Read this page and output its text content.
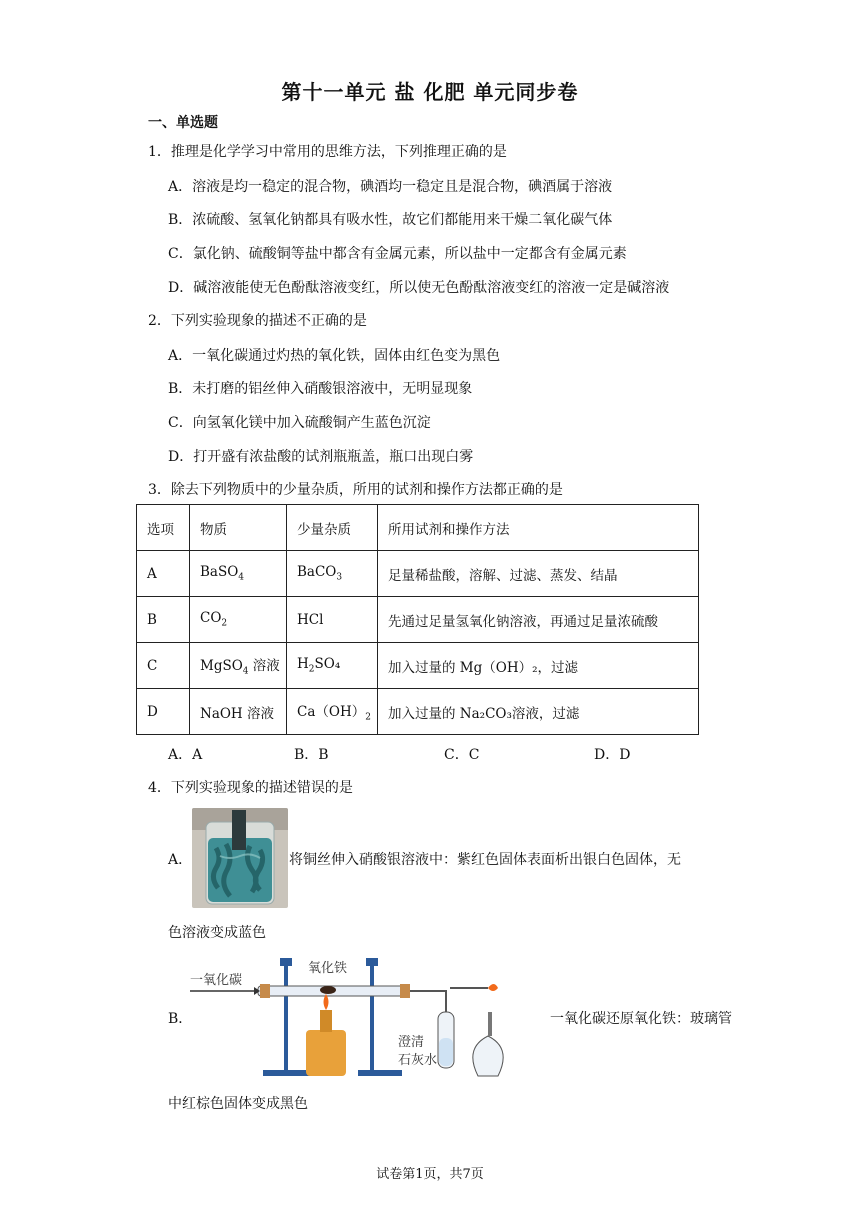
第十一单元 盐 化肥 单元同步卷
一、单选题
1．推理是化学学习中常用的思维方法，下列推理正确的是
A．溶液是均一稳定的混合物，碘酒均一稳定且是混合物，碘酒属于溶液
B．浓硫酸、氢氧化钠都具有吸水性，故它们都能用来干燥二氧化碳气体
C．氯化钠、硫酸铜等盐中都含有金属元素，所以盐中一定都含有金属元素
D．碱溶液能使无色酚酞溶液变红，所以使无色酚酞溶液变红的溶液一定是碱溶液
2．下列实验现象的描述不正确的是
A．一氧化碳通过灼热的氧化铁，固体由红色变为黑色
B．未打磨的铝丝伸入硝酸银溶液中，无明显现象
C．向氢氧化镁中加入硫酸铜产生蓝色沉淀
D．打开盛有浓盐酸的试剂瓶瓶盖，瓶口出现白雾
3．除去下列物质中的少量杂质，所用的试剂和操作方法都正确的是
选项	物质	少量杂质	所用试剂和操作方法
A	BaSO$_4$	BaCO$_3$	足量稀盐酸，溶解、过滤、蒸发、结晶
B	$CO_2$	HCl	先通过足量氢氧化钠溶液，再通过足量浓硫酸
C	MgSO$_4$ 溶液	$H_2SO_4$	加入过量的 Mg（OH）₂，过滤
D	NaOH 溶液	$Ca(OH)_2$	加入过量的 Na₂CO₃溶液，过滤
A．A	B．B	C．C	D．D
4．下列实验现象的描述错误的是
A．	将铜丝伸入硝酸银溶液中：紫红色固体表面析出银白色固体，无
色溶液变成蓝色
B．
一氧化碳
氧化铁
澄清
石灰水
一氧化碳还原氧化铁：玻璃管
中红棕色固体变成黑色
试卷第1页，共7页
